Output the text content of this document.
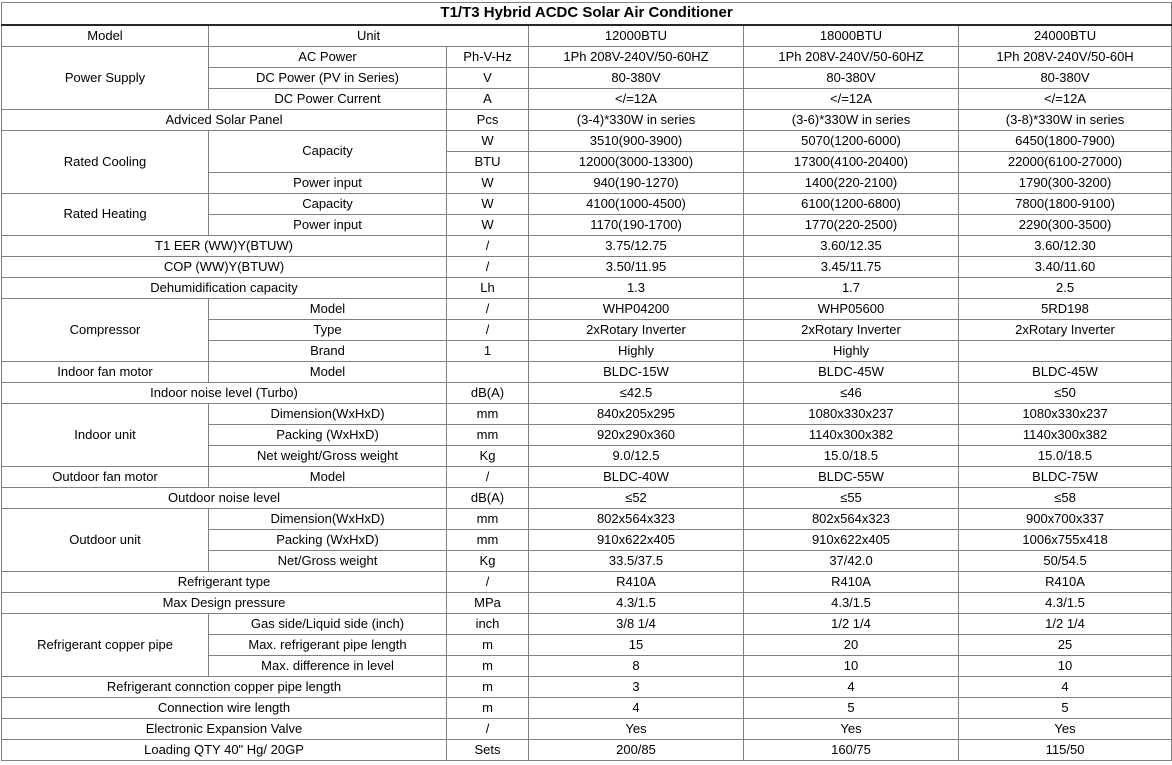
T1/T3 Hybrid ACDC Solar Air Conditioner					
Model	Unit		12000BTU	18000BTU	24000BTU
Power Supply	AC Power	Ph-V-Hz	1Ph 208V-240V/50-60HZ	1Ph 208V-240V/50-60HZ	1Ph 208V-240V/50-60H
	DC Power (PV in Series)	V	80-380V	80-380V	80-380V
	DC Power Current	A	</=12A	</=12A	</=12A
Adviced Solar Panel		Pcs	(3-4)*330W in series	(3-6)*330W in series	(3-8)*330W in series
Rated Cooling	Capacity	W	3510(900-3900)	5070(1200-6000)	6450(1800-7900)
		BTU	12000(3000-13300)	17300(4100-20400)	22000(6100-27000)
	Power input	W	940(190-1270)	1400(220-2100)	1790(300-3200)
Rated Heating	Capacity	W	4100(1000-4500)	6100(1200-6800)	7800(1800-9100)
	Power input	W	1170(190-1700)	1770(220-2500)	2290(300-3500)
T1 EER (WW)Y(BTUW)		/	3.75/12.75	3.60/12.35	3.60/12.30
COP (WW)Y(BTUW)		/	3.50/11.95	3.45/11.75	3.40/11.60
Dehumidification capacity		Lh	1.3	1.7	2.5
Compressor	Model	/	WHP04200	WHP05600	5RD198
	Type	/	2xRotary Inverter	2xRotary Inverter	2xRotary Inverter
	Brand	1	Highly	Highly	
Indoor fan motor	Model		BLDC-15W	BLDC-45W	BLDC-45W
Indoor noise level (Turbo)		dB(A)	≤42.5	≤46	≤50
Indoor unit	Dimension(WxHxD)	mm	840x205x295	1080x330x237	1080x330x237
	Packing (WxHxD)	mm	920x290x360	1140x300x382	1140x300x382
	Net weight/Gross weight	Kg	9.0/12.5	15.0/18.5	15.0/18.5
Outdoor fan motor	Model	/	BLDC-40W	BLDC-55W	BLDC-75W
Outdoor noise level		dB(A)	≤52	≤55	≤58
Outdoor unit	Dimension(WxHxD)	mm	802x564x323	802x564x323	900x700x337
	Packing (WxHxD)	mm	910x622x405	910x622x405	1006x755x418
	Net/Gross weight	Kg	33.5/37.5	37/42.0	50/54.5
Refrigerant type		/	R410A	R410A	R410A
Max Design pressure		MPa	4.3/1.5	4.3/1.5	4.3/1.5
Refrigerant copper pipe	Gas side/Liquid side (inch)	inch	3/8 1/4	1/2 1/4	1/2 1/4
	Max. refrigerant pipe length	m	15	20	25
	Max. difference in level	m	8	10	10
Refrigerant connction copper pipe length		m	3	4	4
Connection wire length		m	4	5	5
Electronic Expansion Valve		/	Yes	Yes	Yes
Loading QTY 40" Hg/ 20GP		Sets	200/85	160/75	115/50
